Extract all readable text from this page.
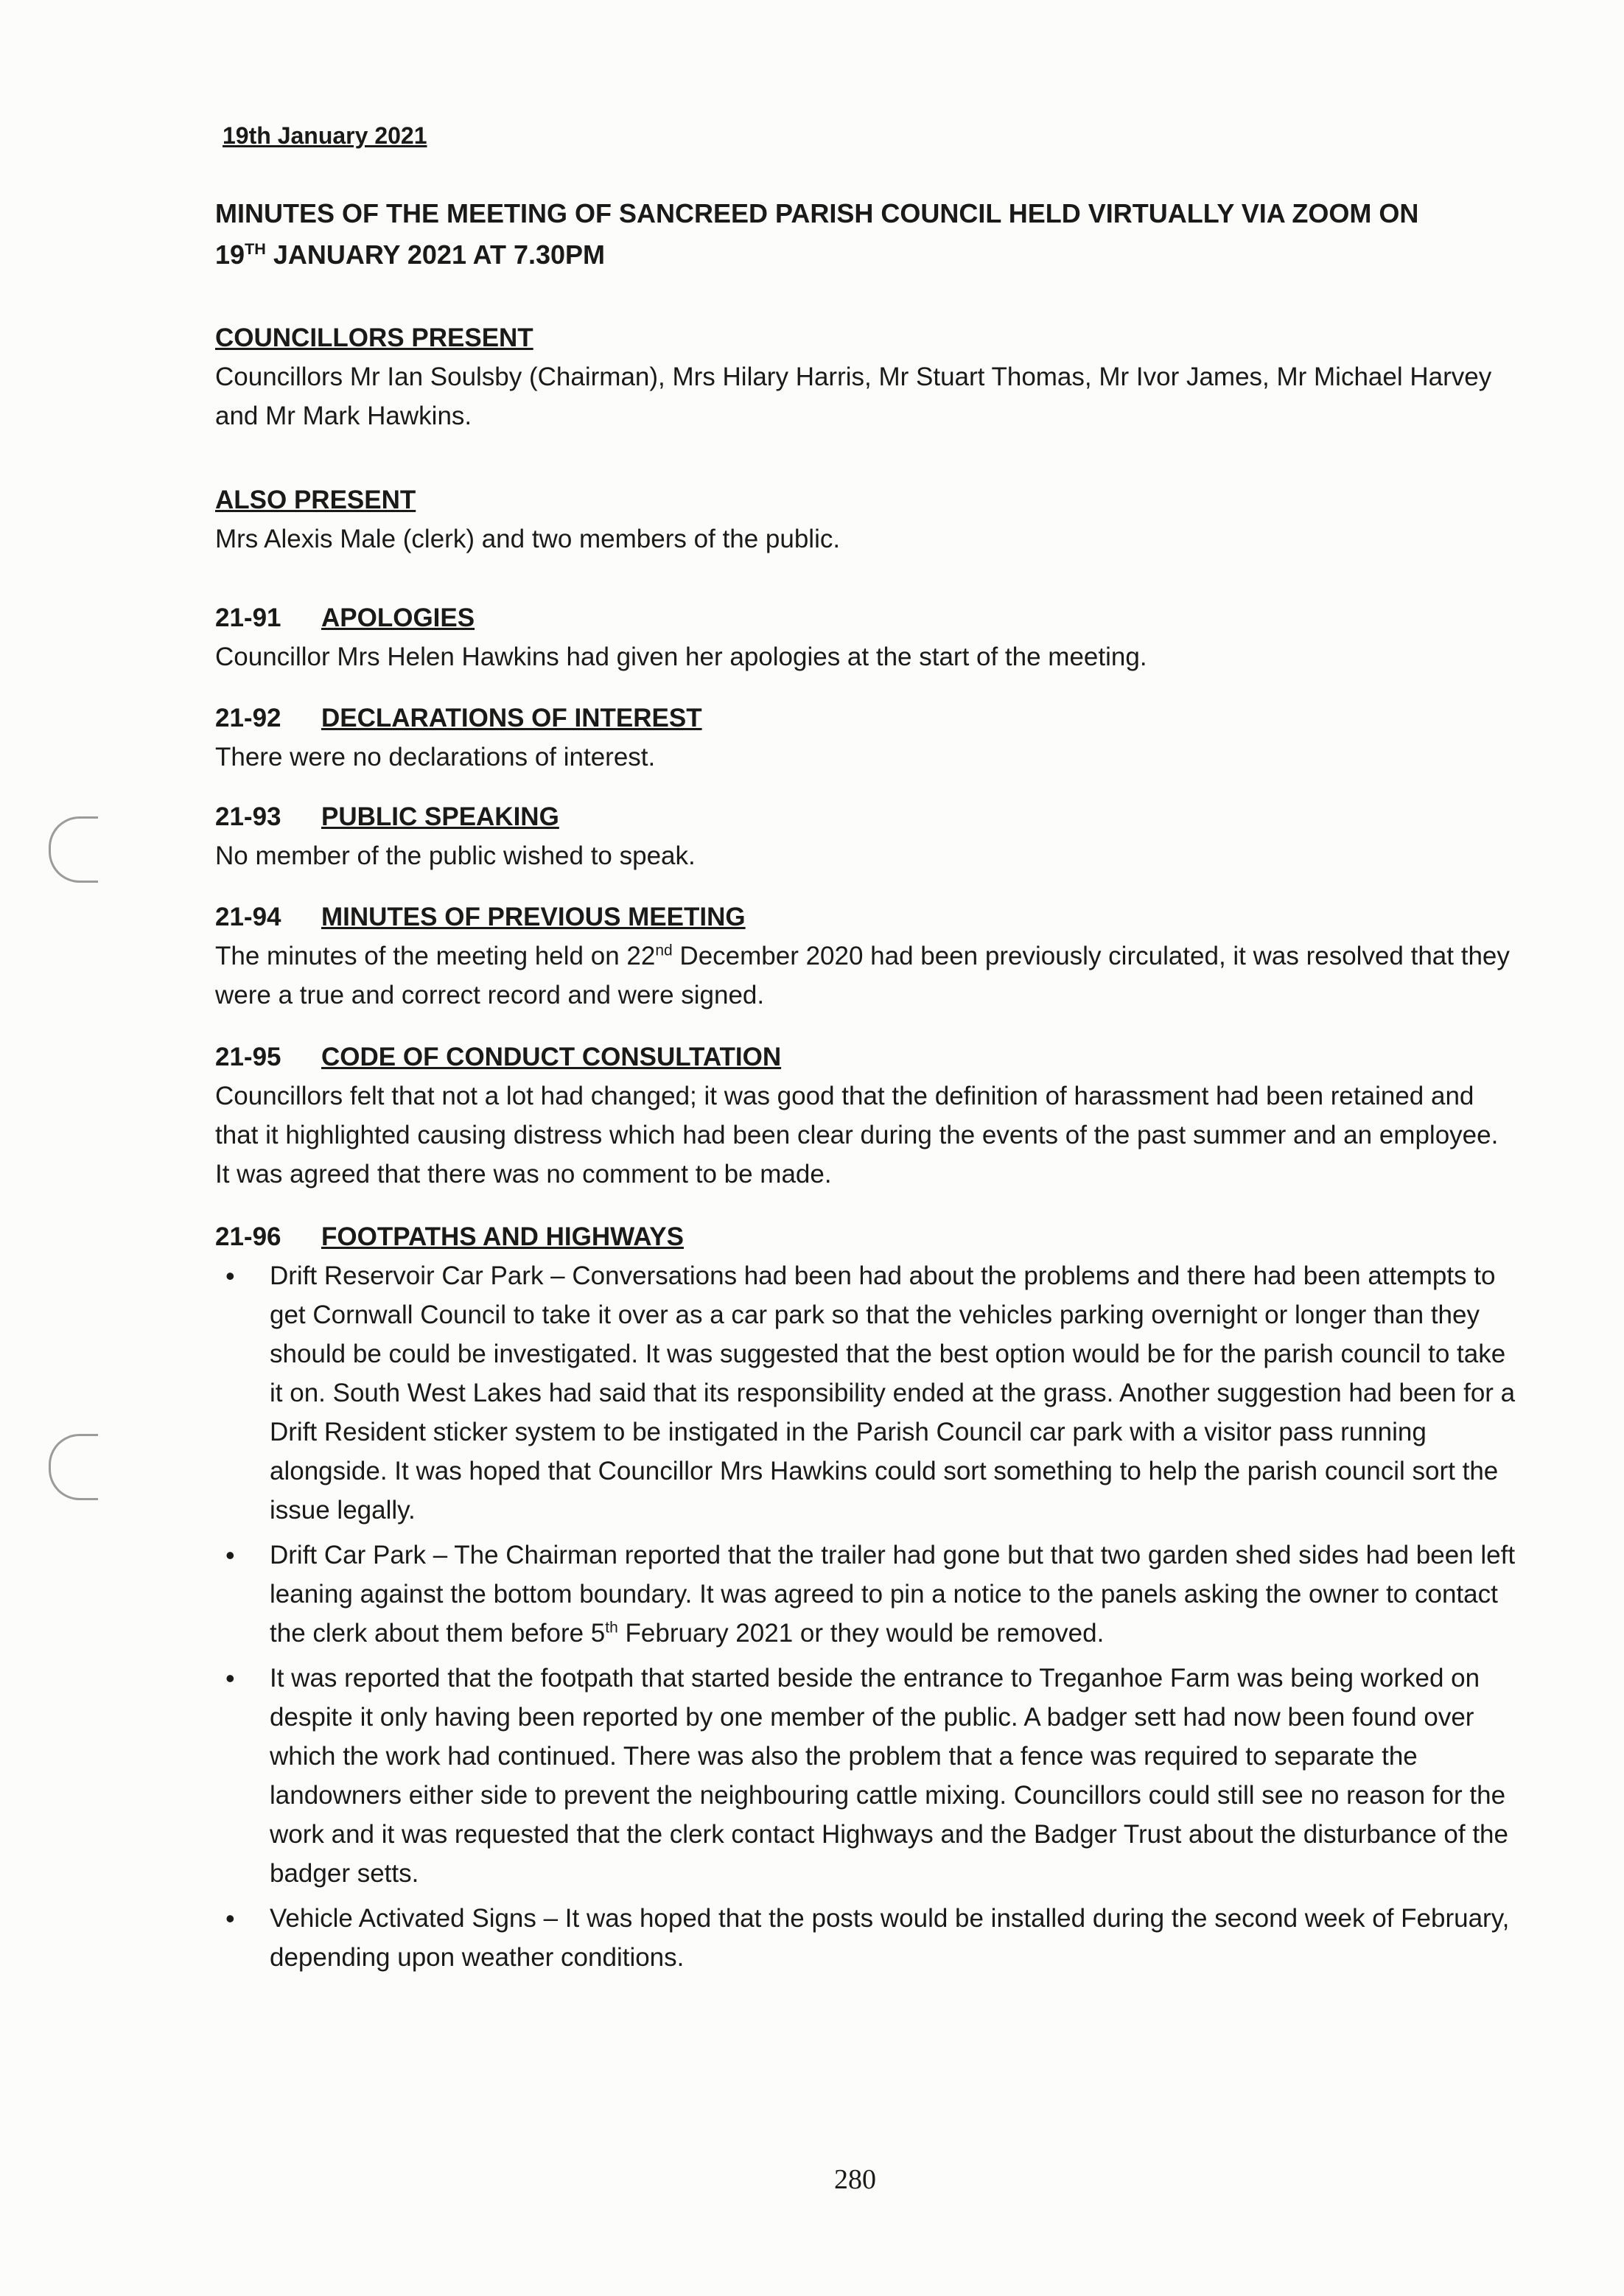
19th January 2021
MINUTES OF THE MEETING OF SANCREED PARISH COUNCIL HELD VIRTUALLY VIA ZOOM ON
19TH JANUARY 2021 AT 7.30PM
COUNCILLORS PRESENT
Councillors Mr Ian Soulsby (Chairman), Mrs Hilary Harris, Mr Stuart Thomas, Mr Ivor James, Mr Michael Harvey and Mr Mark Hawkins.
ALSO PRESENT
Mrs Alexis Male (clerk) and two members of the public.
21-91 APOLOGIES
Councillor Mrs Helen Hawkins had given her apologies at the start of the meeting.
21-92 DECLARATIONS OF INTEREST
There were no declarations of interest.
21-93 PUBLIC SPEAKING
No member of the public wished to speak.
21-94 MINUTES OF PREVIOUS MEETING
The minutes of the meeting held on 22nd December 2020 had been previously circulated, it was resolved that they were a true and correct record and were signed.
21-95 CODE OF CONDUCT CONSULTATION
Councillors felt that not a lot had changed; it was good that the definition of harassment had been retained and that it highlighted causing distress which had been clear during the events of the past summer and an employee. It was agreed that there was no comment to be made.
21-96 FOOTPATHS AND HIGHWAYS
• Drift Reservoir Car Park – Conversations had been had about the problems and there had been attempts to get Cornwall Council to take it over as a car park so that the vehicles parking overnight or longer than they should be could be investigated. It was suggested that the best option would be for the parish council to take it on. South West Lakes had said that its responsibility ended at the grass. Another suggestion had been for a Drift Resident sticker system to be instigated in the Parish Council car park with a visitor pass running alongside. It was hoped that Councillor Mrs Hawkins could sort something to help the parish council sort the issue legally.
• Drift Car Park – The Chairman reported that the trailer had gone but that two garden shed sides had been left leaning against the bottom boundary. It was agreed to pin a notice to the panels asking the owner to contact the clerk about them before 5th February 2021 or they would be removed.
• It was reported that the footpath that started beside the entrance to Treganhoe Farm was being worked on despite it only having been reported by one member of the public. A badger sett had now been found over which the work had continued. There was also the problem that a fence was required to separate the landowners either side to prevent the neighbouring cattle mixing. Councillors could still see no reason for the work and it was requested that the clerk contact Highways and the Badger Trust about the disturbance of the badger setts.
• Vehicle Activated Signs – It was hoped that the posts would be installed during the second week of February, depending upon weather conditions.
280
